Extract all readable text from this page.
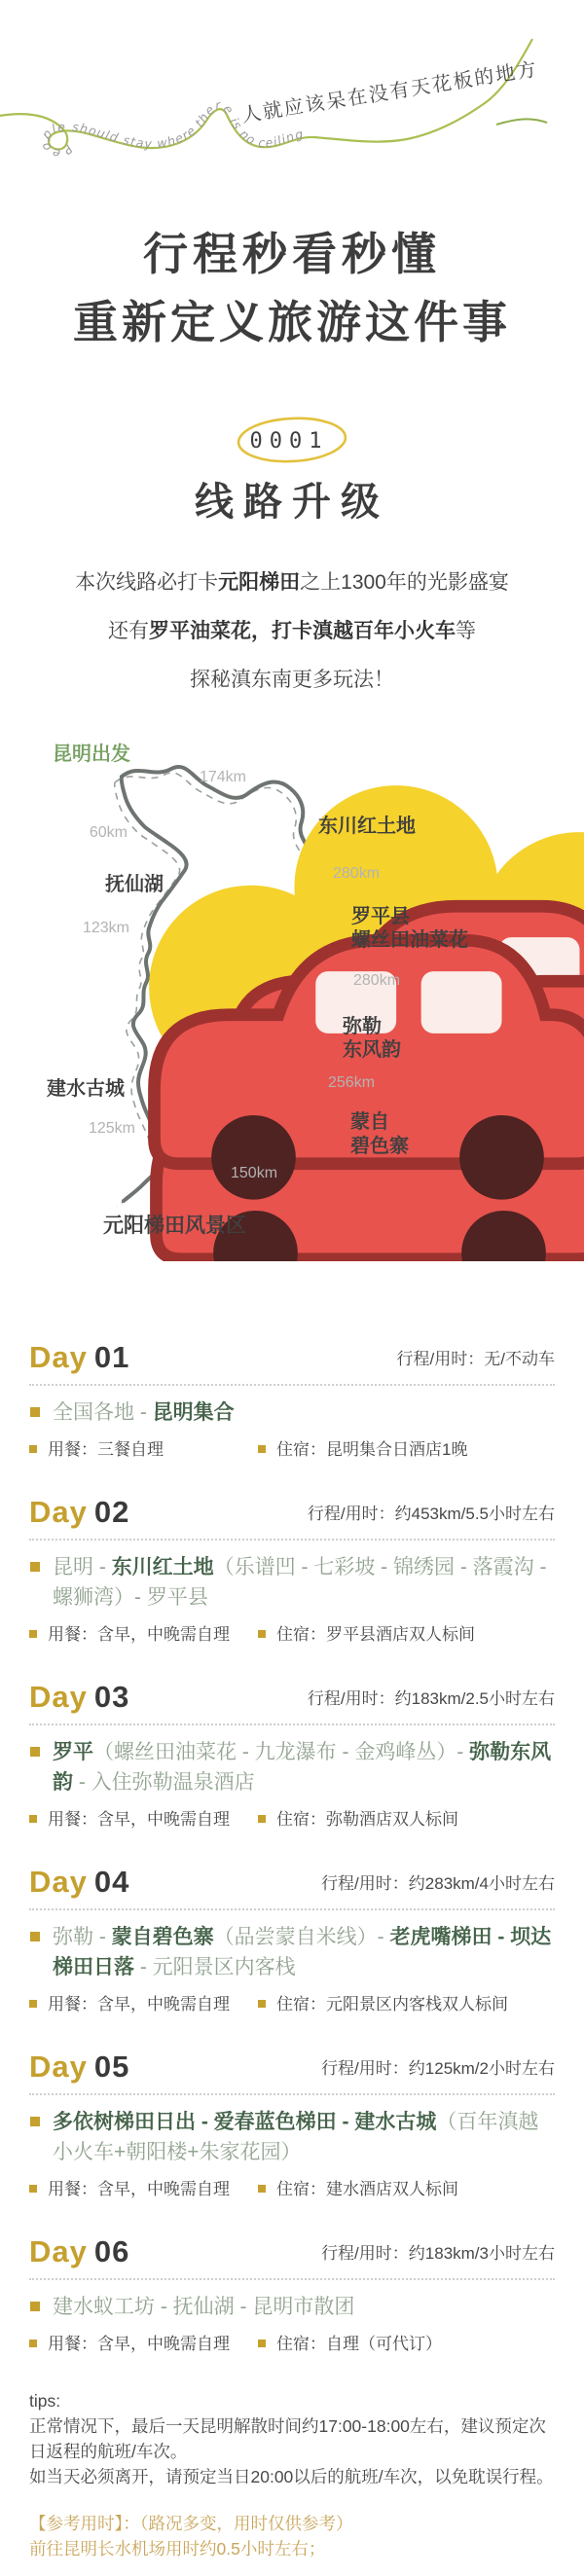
People should stay where there is no ceiling
人就应该呆在没有天花板的地方
行程秒看秒懂
重新定义旅游这件事
0001
线路升级

本次线路必打卡元阳梯田之上1300年的光影盛宴

还有罗平油菜花，打卡滇越百年小火车等

探秘滇东南更多玩法！

174km
280km
280km
256km
150km
125km
123km
60km
昆明出发
东川红土地
罗平县
螺丝田油菜花
弥勒
东风韵
蒙自
碧色寨
建水古城
抚仙湖
元阳梯田风景区
Day 01	行程/用时：无/不动车
全国各地 - 昆明集合
用餐：三餐自理	住宿：昆明集合日酒店1晚
Day 02	行程/用时：约453km/5.5小时左右
昆明 - 东川红土地（乐谱凹 - 七彩坡 - 锦绣园 - 落霞沟 - 螺狮湾）- 罗平县
用餐：含早，中晚需自理	住宿：罗平县酒店双人标间
Day 03	行程/用时：约183km/2.5小时左右
罗平（螺丝田油菜花 - 九龙瀑布 - 金鸡峰丛）- 弥勒东风韵 - 入住弥勒温泉酒店
用餐：含早，中晚需自理	住宿：弥勒酒店双人标间
Day 04	行程/用时：约283km/4小时左右
弥勒 - 蒙自碧色寨（品尝蒙自米线）- 老虎嘴梯田 - 坝达梯田日落 - 元阳景区内客栈
用餐：含早，中晚需自理	住宿：元阳景区内客栈双人标间
Day 05	行程/用时：约125km/2小时左右
多依树梯田日出 - 爱春蓝色梯田 - 建水古城（百年滇越小火车+朝阳楼+朱家花园）
用餐：含早，中晚需自理	住宿：建水酒店双人标间
Day 06	行程/用时：约183km/3小时左右
建水蚁工坊 - 抚仙湖 - 昆明市散团
用餐：含早，中晚需自理	住宿：自理（可代订）

tips:

正常情况下，最后一天昆明解散时间约17:00-18:00左右，建议预定次日返程的航班/车次。

如当天必须离开，请预定当日20:00以后的航班/车次，以免耽误行程。

【参考用时】：（路况多变，用时仅供参考）

前往昆明长水机场用时约0.5小时左右；
